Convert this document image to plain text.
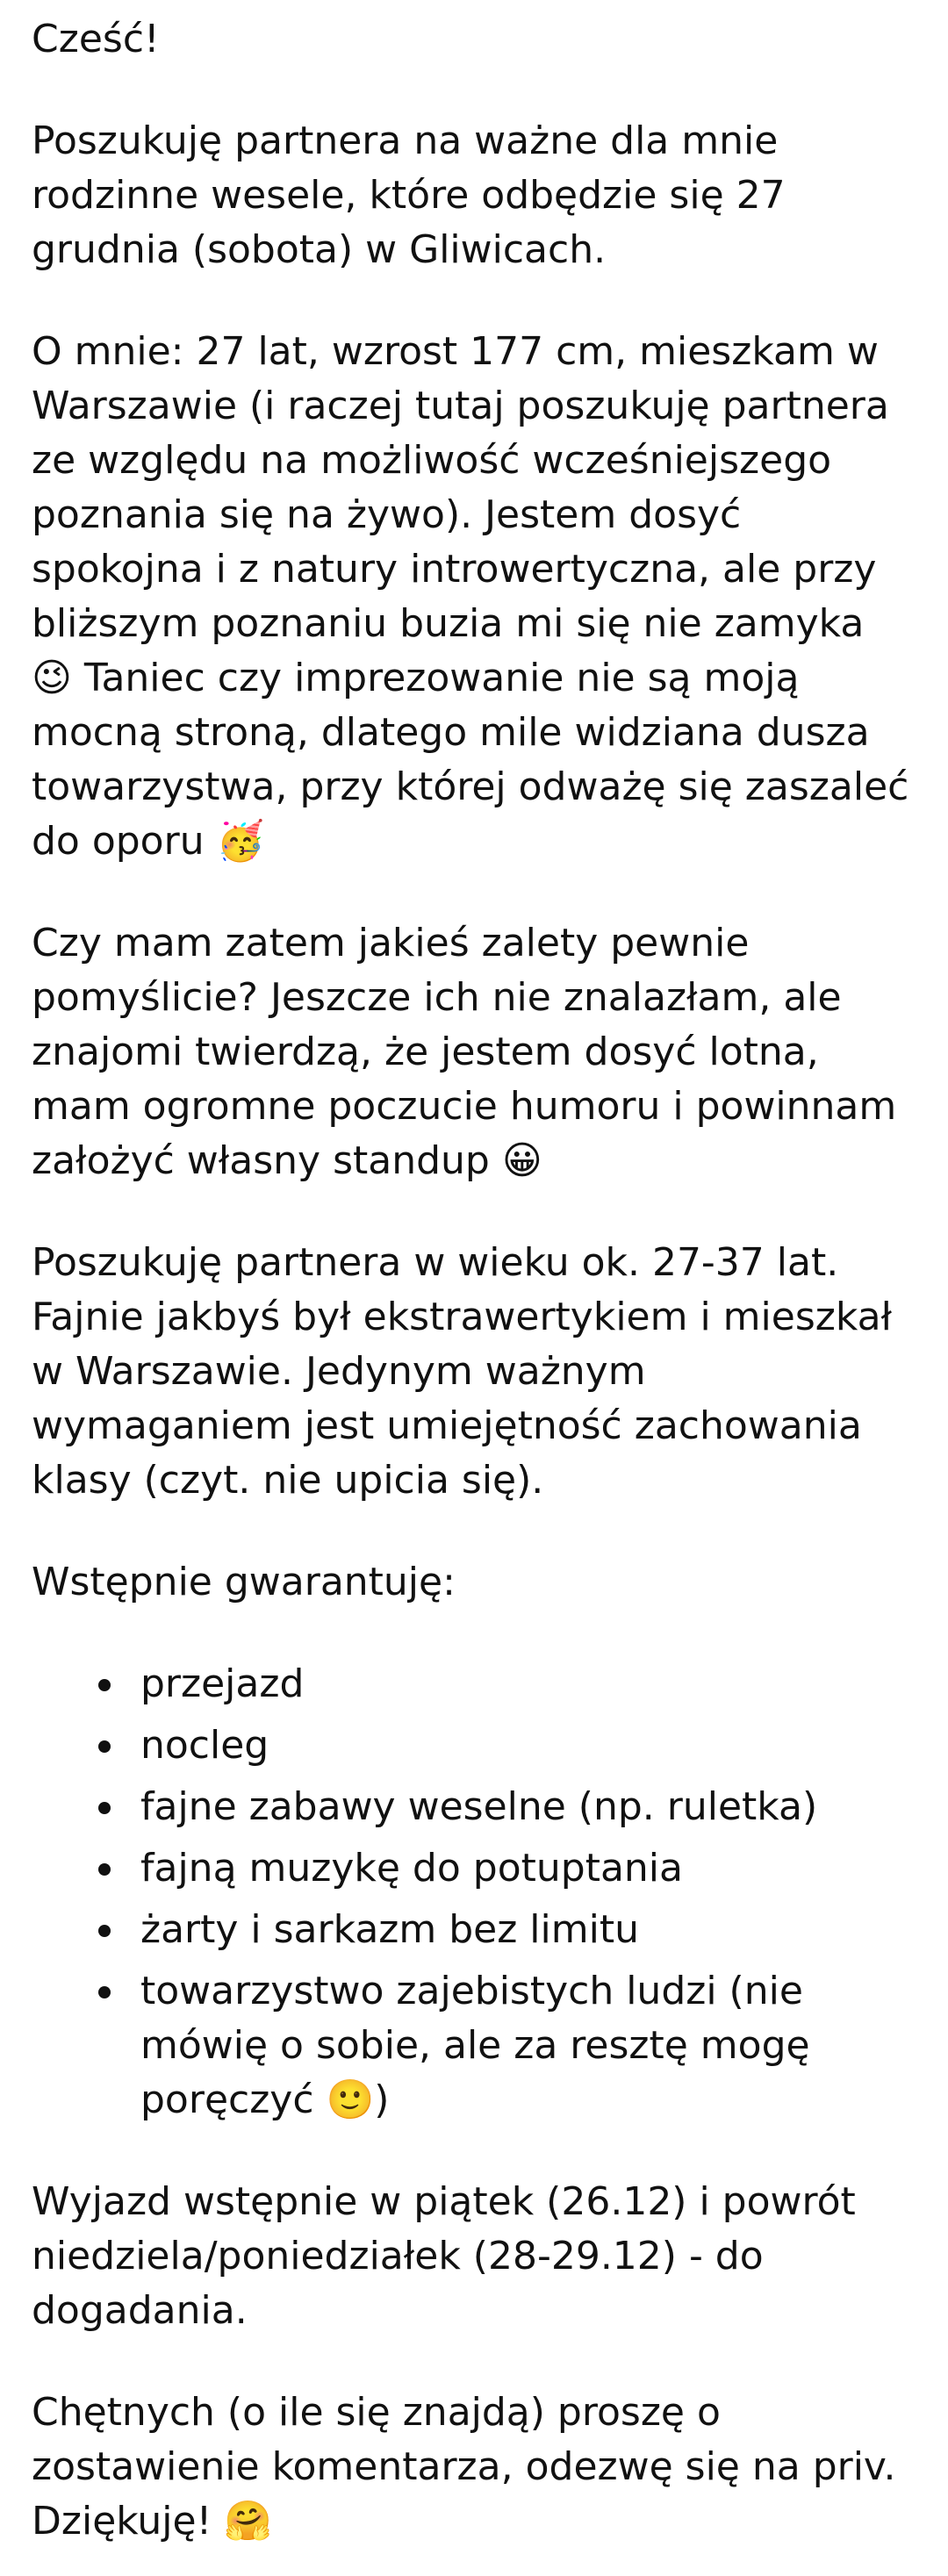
Cześć!

Poszukuję partnera na ważne dla mnie rodzinne wesele, które odbędzie się 27 grudnia (sobota) w Gliwicach.

O mnie: 27 lat, wzrost 177 cm, mieszkam w Warszawie (i raczej tutaj poszukuję partnera ze względu na możliwość wcześniejszego poznania się na żywo). Jestem dosyć spokojna i z natury introwertyczna, ale przy bliższym poznaniu buzia mi się nie zamyka 😉 Taniec czy imprezowanie nie są moją mocną stroną, dlatego mile widziana dusza towarzystwa, przy której odważę się zaszaleć do oporu 🥳

Czy mam zatem jakieś zalety pewnie pomyślicie? Jeszcze ich nie znalazłam, ale znajomi twierdzą, że jestem dosyć lotna, mam ogromne poczucie humoru i powinnam założyć własny standup 😀

Poszukuję partnera w wieku ok. 27-37 lat. Fajnie jakbyś był ekstrawertykiem i mieszkał w Warszawie. Jedynym ważnym wymaganiem jest umiejętność zachowania klasy (czyt. nie upicia się).

Wstępnie gwarantuję:

przejazd
nocleg
fajne zabawy weselne (np. ruletka)
fajną muzykę do potuptania
żarty i sarkazm bez limitu
towarzystwo zajebistych ludzi (nie mówię o sobie, ale za resztę mogę poręczyć 🙂)

Wyjazd wstępnie w piątek (26.12) i powrót niedziela/poniedziałek (28-29.12) - do dogadania.

Chętnych (o ile się znajdą) proszę o zostawienie komentarza, odezwę się na priv. Dziękuję! 🤗
